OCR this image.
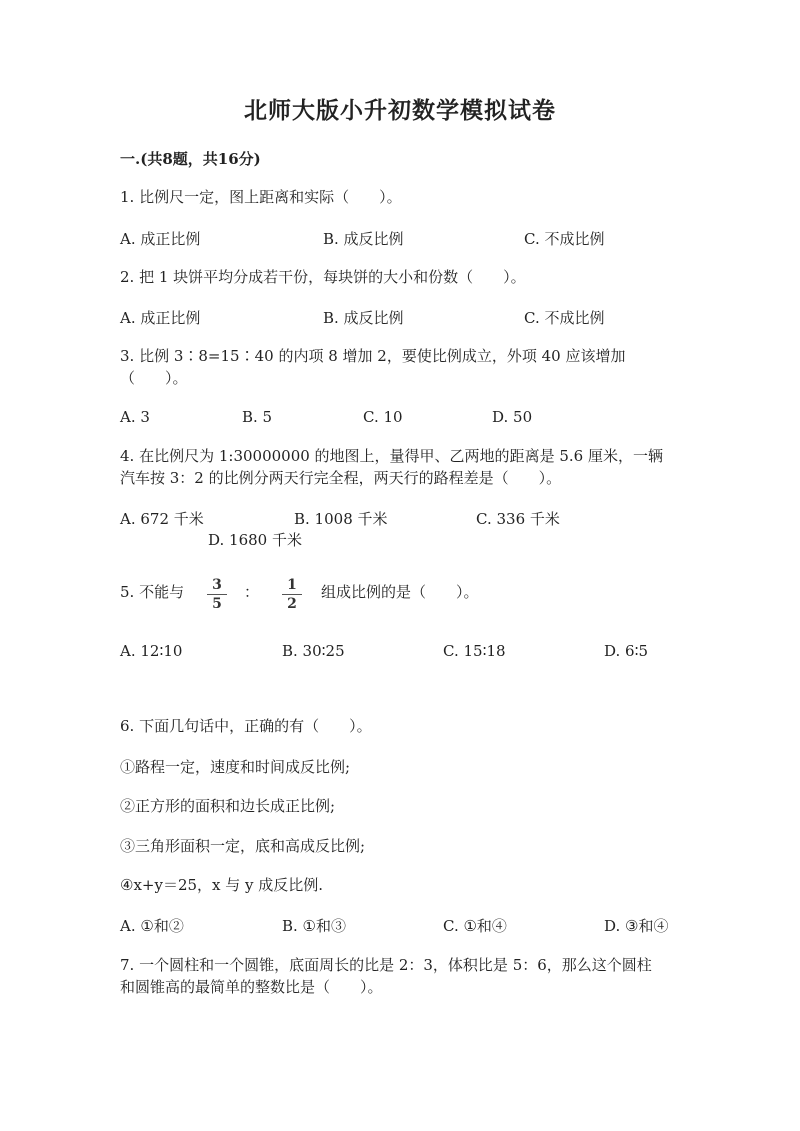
北师大版小升初数学模拟试卷
一.(共8题，共16分)
1. 比例尺一定，图上距离和实际（　　）。
A. 成正比例	B. 成反比例	C. 不成比例
2. 把 1 块饼平均分成若干份，每块饼的大小和份数（　　）。
A. 成正比例	B. 成反比例	C. 不成比例
3. 比例 3∶8=15∶40 的内项 8 增加 2，要使比例成立，外项 40 应该增加
（　　）。
A. 3	B. 5	C. 10	D. 50
4. 在比例尺为 1:30000000 的地图上，量得甲、乙两地的距离是 5.6 厘米，一辆
汽车按 3：2 的比例分两天行完全程，两天行的路程差是（　　）。
A. 672 千米	B. 1008 千米	C. 336 千米
D. 1680 千米
5. 不能与	3
5
：	1
2
组成比例的是（　　）。
A. 12∶10	B. 30∶25	C. 15∶18	D. 6∶5
6. 下面几句话中，正确的有（　　）。
①路程一定，速度和时间成反比例;
②正方形的面积和边长成正比例;
③三角形面积一定，底和高成反比例;
④x+y＝25，x 与 y 成反比例.
A. ①和②	B. ①和③	C. ①和④	D. ③和④
7. 一个圆柱和一个圆锥，底面周长的比是 2：3，体积比是 5：6，那么这个圆柱
和圆锥高的最简单的整数比是（　　）。
